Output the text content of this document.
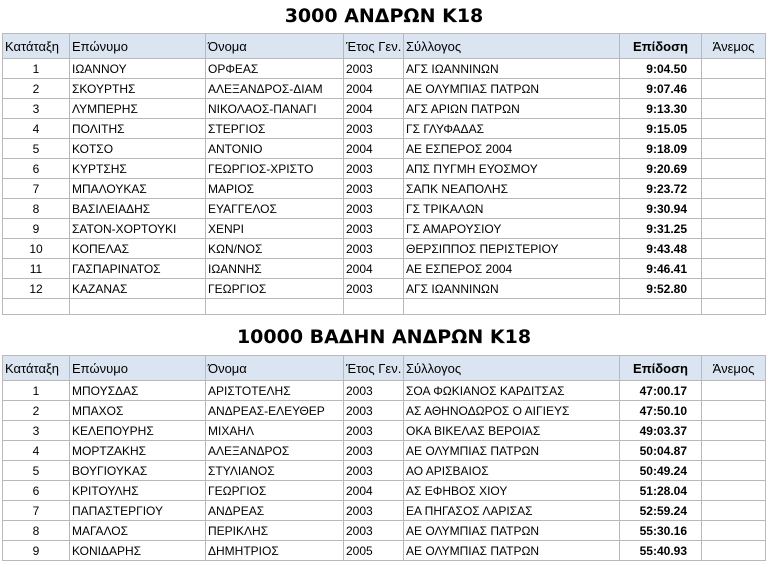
3000 ΑΝΔΡΩΝ Κ18
Κατάταξη	Επώνυμο	Όνομα	Έτος Γεν.	Σύλλογος	Επίδοση	Άνεμος
1	ΙΩΑΝΝΟΥ	ΟΡΦΕΑΣ	2003	ΑΓΣ ΙΩΑΝΝΙΝΩΝ	9:04.50	
2	ΣΚΟΥΡΤΗΣ	ΑΛΕΞΑΝΔΡΟΣ-ΔΙΑΜ	2004	ΑΕ ΟΛΥΜΠΙΑΣ ΠΑΤΡΩΝ	9:07.46	
3	ΛΥΜΠΕΡΗΣ	ΝΙΚΟΛΑΟΣ-ΠΑΝΑΓΙ	2004	ΑΓΣ ΑΡΙΩΝ ΠΑΤΡΩΝ	9:13.30	
4	ΠΟΛΙΤΗΣ	ΣΤΕΡΓΙΟΣ	2003	ΓΣ ΓΛΥΦΑΔΑΣ	9:15.05	
5	ΚΟΤΣΟ	ΑΝΤΟΝΙΟ	2004	ΑΕ ΕΣΠΕΡΟΣ 2004	9:18.09	
6	ΚΥΡΤΣΗΣ	ΓΕΩΡΓΙΟΣ-ΧΡΙΣΤΟ	2003	ΑΠΣ ΠΥΓΜΗ ΕΥΟΣΜΟΥ	9:20.69	
7	ΜΠΑΛΟΥΚΑΣ	ΜΑΡΙΟΣ	2003	ΣΑΠΚ ΝΕΑΠΟΛΗΣ	9:23.72	
8	ΒΑΣΙΛΕΙΑΔΗΣ	ΕΥΑΓΓΕΛΟΣ	2003	ΓΣ ΤΡΙΚΑΛΩΝ	9:30.94	
9	ΣΑΤΟΝ-ΧΟΡΤΟΥΚΙ	ΧΕΝΡΙ	2003	ΓΣ ΑΜΑΡΟΥΣΙΟΥ	9:31.25	
10	ΚΟΠΕΛΑΣ	ΚΩΝ/ΝΟΣ	2003	ΘΕΡΣΙΠΠΟΣ ΠΕΡΙΣΤΕΡΙΟΥ	9:43.48	
11	ΓΑΣΠΑΡΙΝΑΤΟΣ	ΙΩΑΝΝΗΣ	2004	ΑΕ ΕΣΠΕΡΟΣ 2004	9:46.41	
12	ΚΑΖΑΝΑΣ	ΓΕΩΡΓΙΟΣ	2003	ΑΓΣ ΙΩΑΝΝΙΝΩΝ	9:52.80	

10000 ΒΑΔΗΝ ΑΝΔΡΩΝ Κ18
Κατάταξη	Επώνυμο	Όνομα	Έτος Γεν.	Σύλλογος	Επίδοση	Άνεμος
1	ΜΠΟΥΣΔΑΣ	ΑΡΙΣΤΟΤΕΛΗΣ	2003	ΣΟΑ ΦΩΚΙΑΝΟΣ ΚΑΡΔΙΤΣΑΣ	47:00.17	
2	ΜΠΑΧΟΣ	ΑΝΔΡΕΑΣ-ΕΛΕΥΘΕΡ	2003	ΑΣ ΑΘΗΝΟΔΩΡΟΣ Ο ΑΙΓΙΕΥΣ	47:50.10	
3	ΚΕΛΕΠΟΥΡΗΣ	ΜΙΧΑΗΛ	2003	ΟΚΑ ΒΙΚΕΛΑΣ ΒΕΡΟΙΑΣ	49:03.37	
4	ΜΟΡΤΖΑΚΗΣ	ΑΛΕΞΑΝΔΡΟΣ	2003	ΑΕ ΟΛΥΜΠΙΑΣ ΠΑΤΡΩΝ	50:04.87	
5	ΒΟΥΓΙΟΥΚΑΣ	ΣΤΥΛΙΑΝΟΣ	2003	ΑΟ ΑΡΙΣΒΑΙΟΣ	50:49.24	
6	ΚΡΙΤΟΥΛΗΣ	ΓΕΩΡΓΙΟΣ	2004	ΑΣ ΕΦΗΒΟΣ ΧΙΟΥ	51:28.04	
7	ΠΑΠΑΣΤΕΡΓΙΟΥ	ΑΝΔΡΕΑΣ	2003	ΕΑ ΠΗΓΑΣΟΣ ΛΑΡΙΣΑΣ	52:59.24	
8	ΜΑΓΑΛΟΣ	ΠΕΡΙΚΛΗΣ	2003	ΑΕ ΟΛΥΜΠΙΑΣ ΠΑΤΡΩΝ	55:30.16	
9	ΚΟΝΙΔΑΡΗΣ	ΔΗΜΗΤΡΙΟΣ	2005	ΑΕ ΟΛΥΜΠΙΑΣ ΠΑΤΡΩΝ	55:40.93	
